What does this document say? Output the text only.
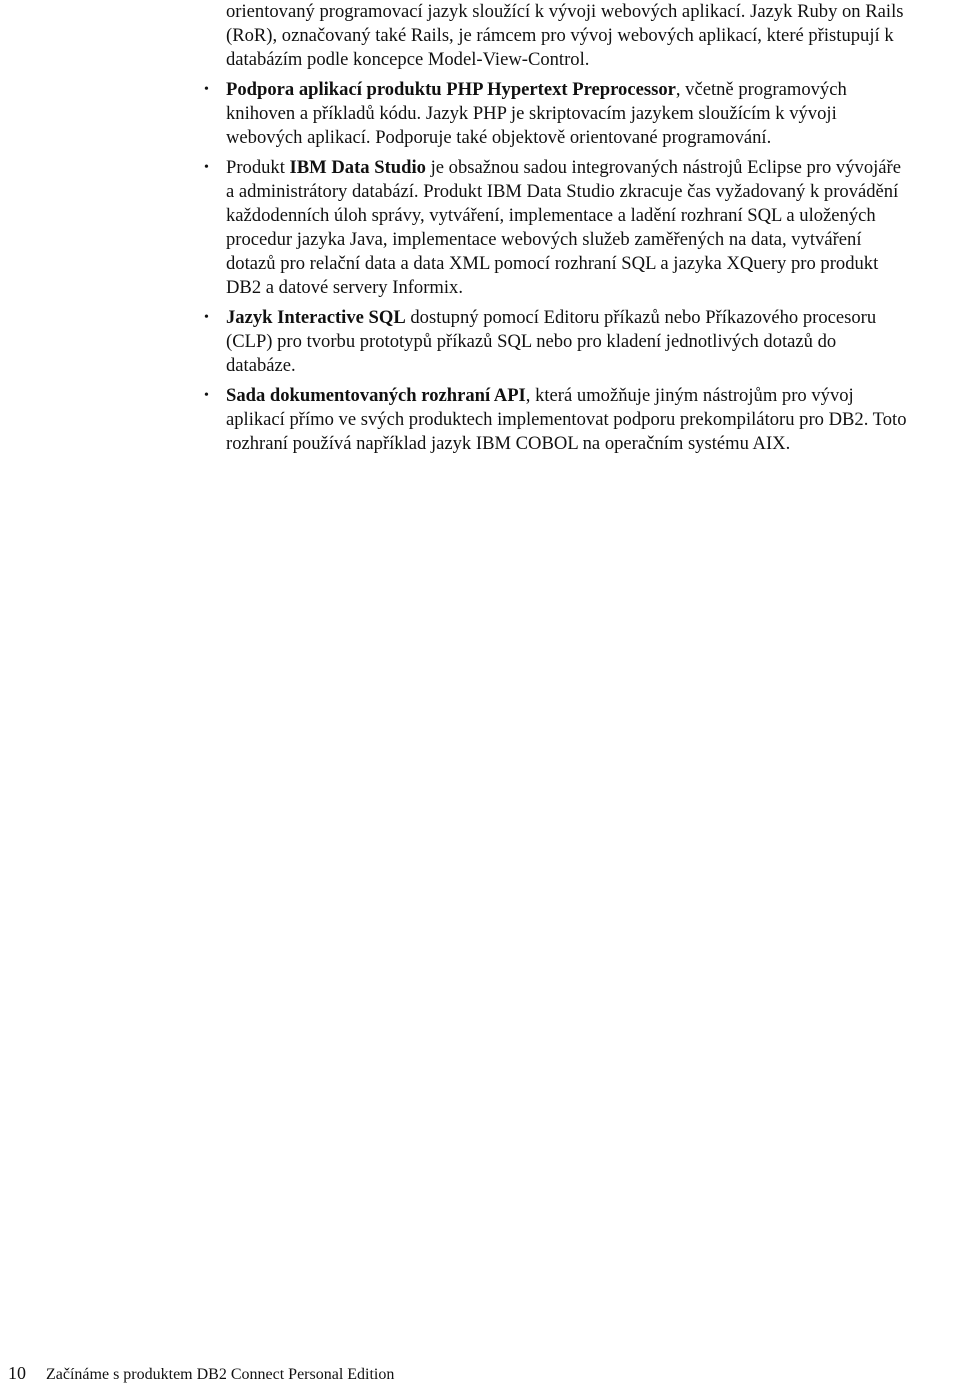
orientovaný programovací jazyk sloužící k vývoji webových aplikací. Jazyk Ruby on Rails
(RoR), označovaný také Rails, je rámcem pro vývoj webových aplikací, které přistupují k
databázím podle koncepce Model-View-Control.

• Podpora aplikací produktu PHP Hypertext Preprocessor, včetně programových
knihoven a příkladů kódu. Jazyk PHP je skriptovacím jazykem sloužícím k vývoji
webových aplikací. Podporuje také objektově orientované programování.
• Produkt IBM Data Studio je obsažnou sadou integrovaných nástrojů Eclipse pro vývojáře
a administrátory databází. Produkt IBM Data Studio zkracuje čas vyžadovaný k provádění
každodenních úloh správy, vytváření, implementace a ladění rozhraní SQL a uložených
procedur jazyka Java, implementace webových služeb zaměřených na data, vytváření
dotazů pro relační data a data XML pomocí rozhraní SQL a jazyka XQuery pro produkt
DB2 a datové servery Informix.
• Jazyk Interactive SQL dostupný pomocí Editoru příkazů nebo Příkazového procesoru
(CLP) pro tvorbu prototypů příkazů SQL nebo pro kladení jednotlivých dotazů do
databáze.
• Sada dokumentovaných rozhraní API, která umožňuje jiným nástrojům pro vývoj
aplikací přímo ve svých produktech implementovat podporu prekompilátoru pro DB2. Toto
rozhraní používá například jazyk IBM COBOL na operačním systému AIX.
10 Začínáme s produktem DB2 Connect Personal Edition
